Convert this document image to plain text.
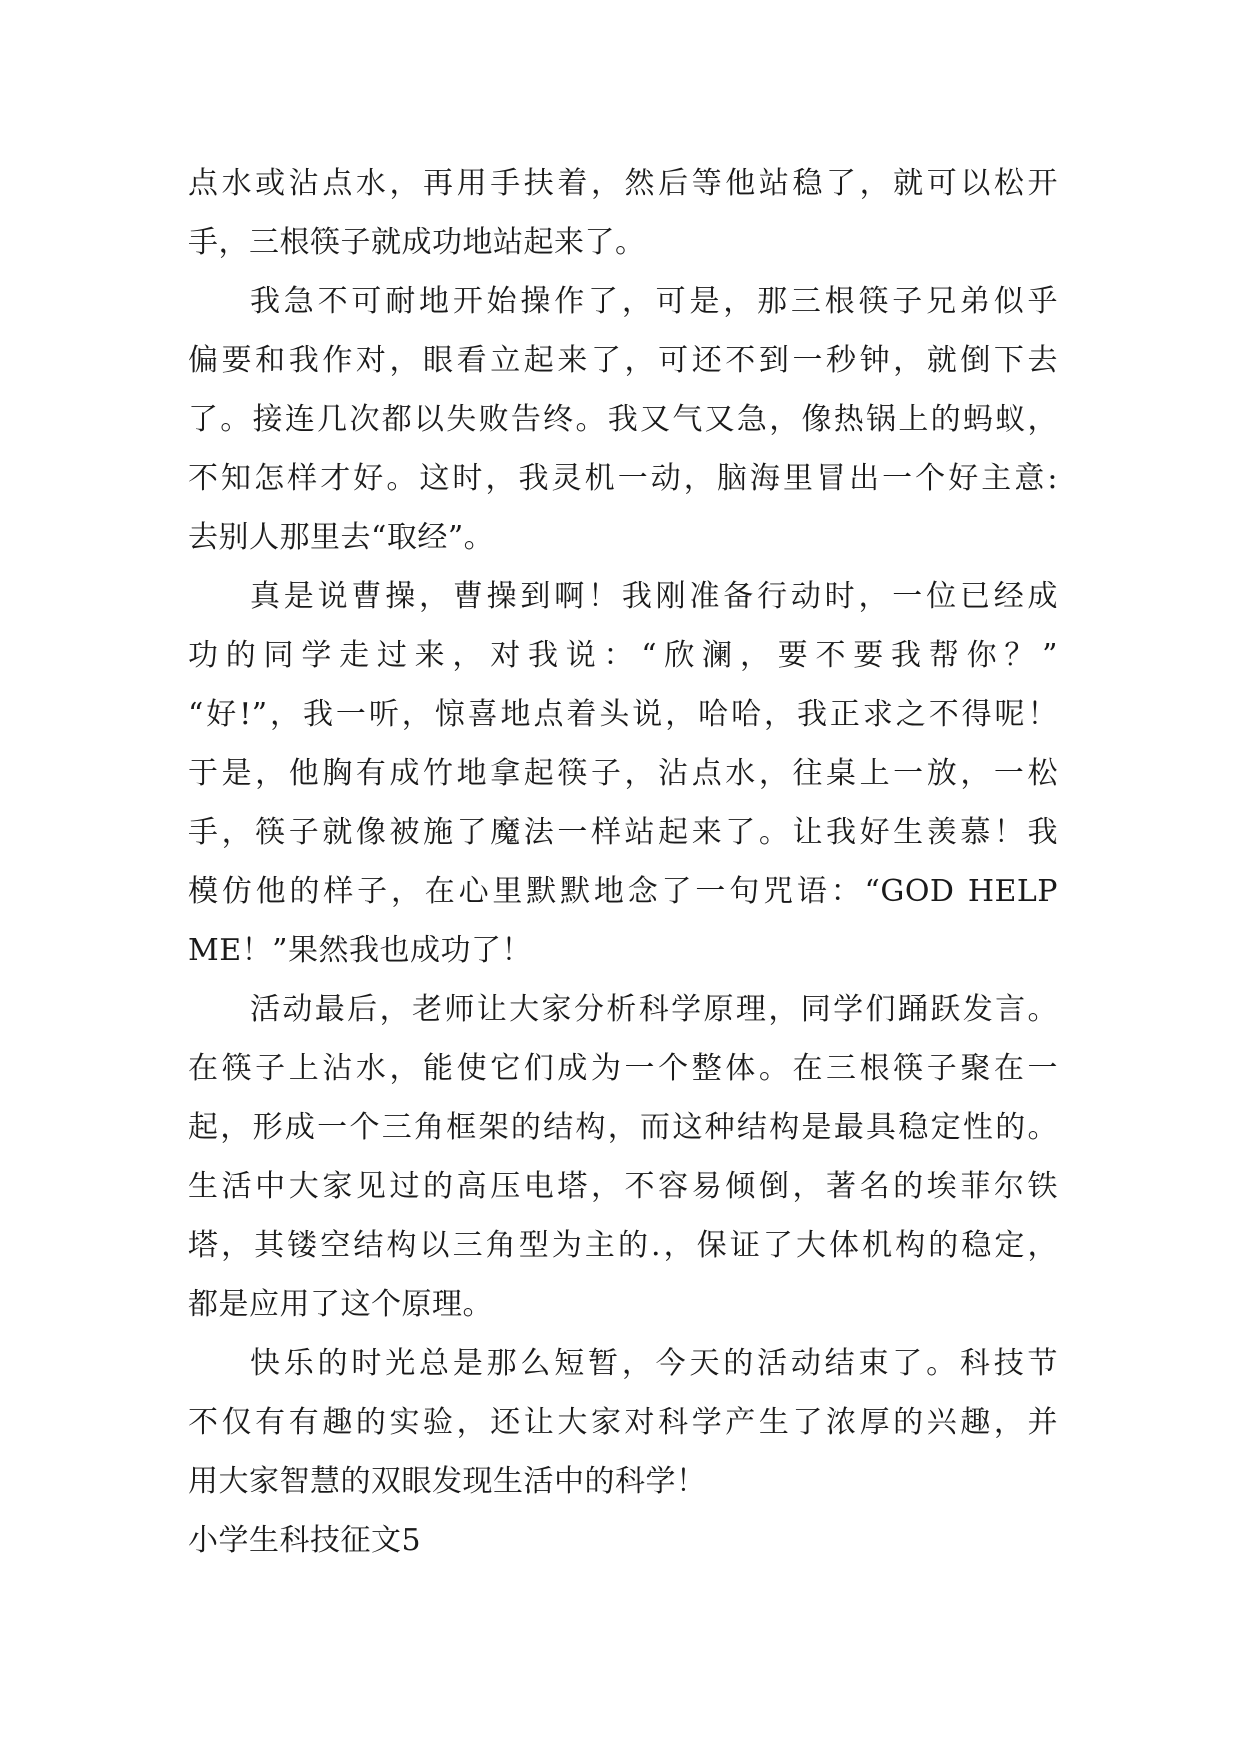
点水或沾点水，再用手扶着，然后等他站稳了，就可以松开
手，三根筷子就成功地站起来了。
我急不可耐地开始操作了，可是，那三根筷子兄弟似乎
偏要和我作对，眼看立起来了，可还不到一秒钟，就倒下去
了。接连几次都以失败告终。我又气又急，像热锅上的蚂蚁，
不知怎样才好。这时，我灵机一动，脑海里冒出一个好主意:
去别人那里去“取经”。
真是说曹操，曹操到啊！我刚准备行动时，一位已经成
功的同学走过来，对我说：“欣澜，要不要我帮你？”
“好!”，我一听，惊喜地点着头说，哈哈，我正求之不得呢！
于是，他胸有成竹地拿起筷子，沾点水，往桌上一放，一松
手，筷子就像被施了魔法一样站起来了。让我好生羡慕！我
模仿他的样子，在心里默默地念了一句咒语：“GOD HELP
ME！”果然我也成功了！
活动最后，老师让大家分析科学原理，同学们踊跃发言。
在筷子上沾水，能使它们成为一个整体。在三根筷子聚在一
起，形成一个三角框架的结构，而这种结构是最具稳定性的。
生活中大家见过的高压电塔，不容易倾倒，著名的埃菲尔铁
塔，其镂空结构以三角型为主的.，保证了大体机构的稳定，
都是应用了这个原理。
快乐的时光总是那么短暂，今天的活动结束了。科技节
不仅有有趣的实验，还让大家对科学产生了浓厚的兴趣，并
用大家智慧的双眼发现生活中的科学！
小学生科技征文5
